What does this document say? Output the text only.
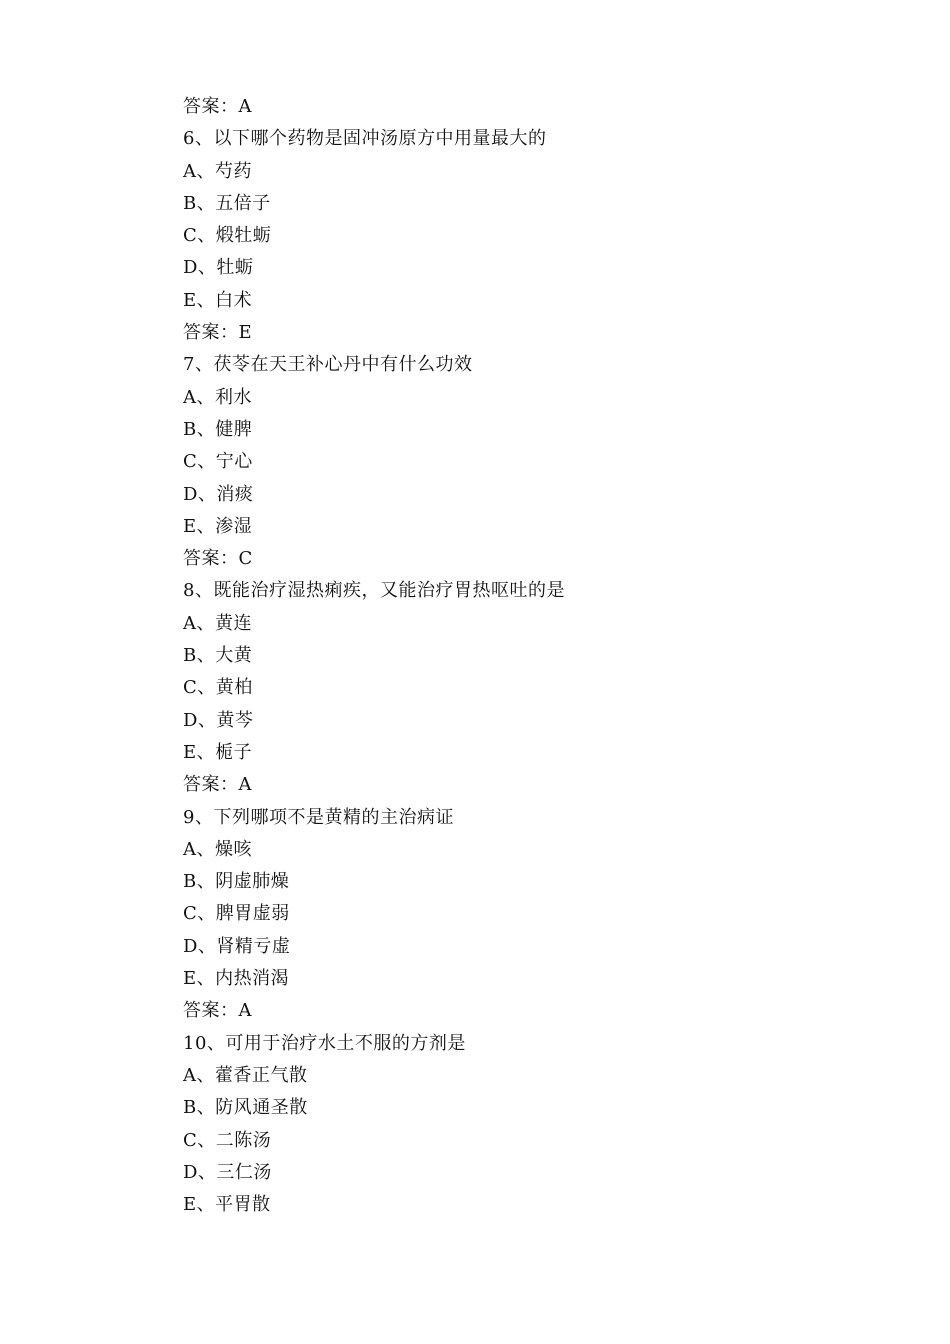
答案：A
6、以下哪个药物是固冲汤原方中用量最大的
A、芍药
B、五倍子
C、煅牡蛎
D、牡蛎
E、白术
答案：E
7、茯苓在天王补心丹中有什么功效
A、利水
B、健脾
C、宁心
D、消痰
E、渗湿
答案：C
8、既能治疗湿热痢疾，又能治疗胃热呕吐的是
A、黄连
B、大黄
C、黄柏
D、黄芩
E、栀子
答案：A
9、下列哪项不是黄精的主治病证
A、燥咳
B、阴虚肺燥
C、脾胃虚弱
D、肾精亏虚
E、内热消渴
答案：A
10、可用于治疗水土不服的方剂是
A、藿香正气散
B、防风通圣散
C、二陈汤
D、三仁汤
E、平胃散
